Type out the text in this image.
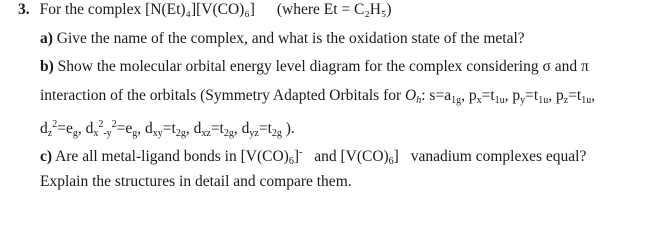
3. For the complex [N(Et)₄][V(CO)₆] (where Et = C₂H₅)
a) Give the name of the complex, and what is the oxidation state of the metal?
b) Show the molecular orbital energy level diagram for the complex considering σ and π
interaction of the orbitals (Symmetry Adapted Orbitals for $O_h$: $s=a_{1g}$, $p_x=t_{1u}$, $p_y=t_{1u}$, $p_z=t_{1u}$,
$d_z^2=e_g$, $d_x^2_{-y}^2=e_g$, $d_{xy}=t_{2g}$, $d_{xz}=t_{2g}$, $d_{yz}=t_{2g}$ ).
c) Are all metal-ligand bonds in $[V(CO)_6]^-$ and $[V(CO)_6]$ vanadium complexes equal?
Explain the structures in detail and compare them.
